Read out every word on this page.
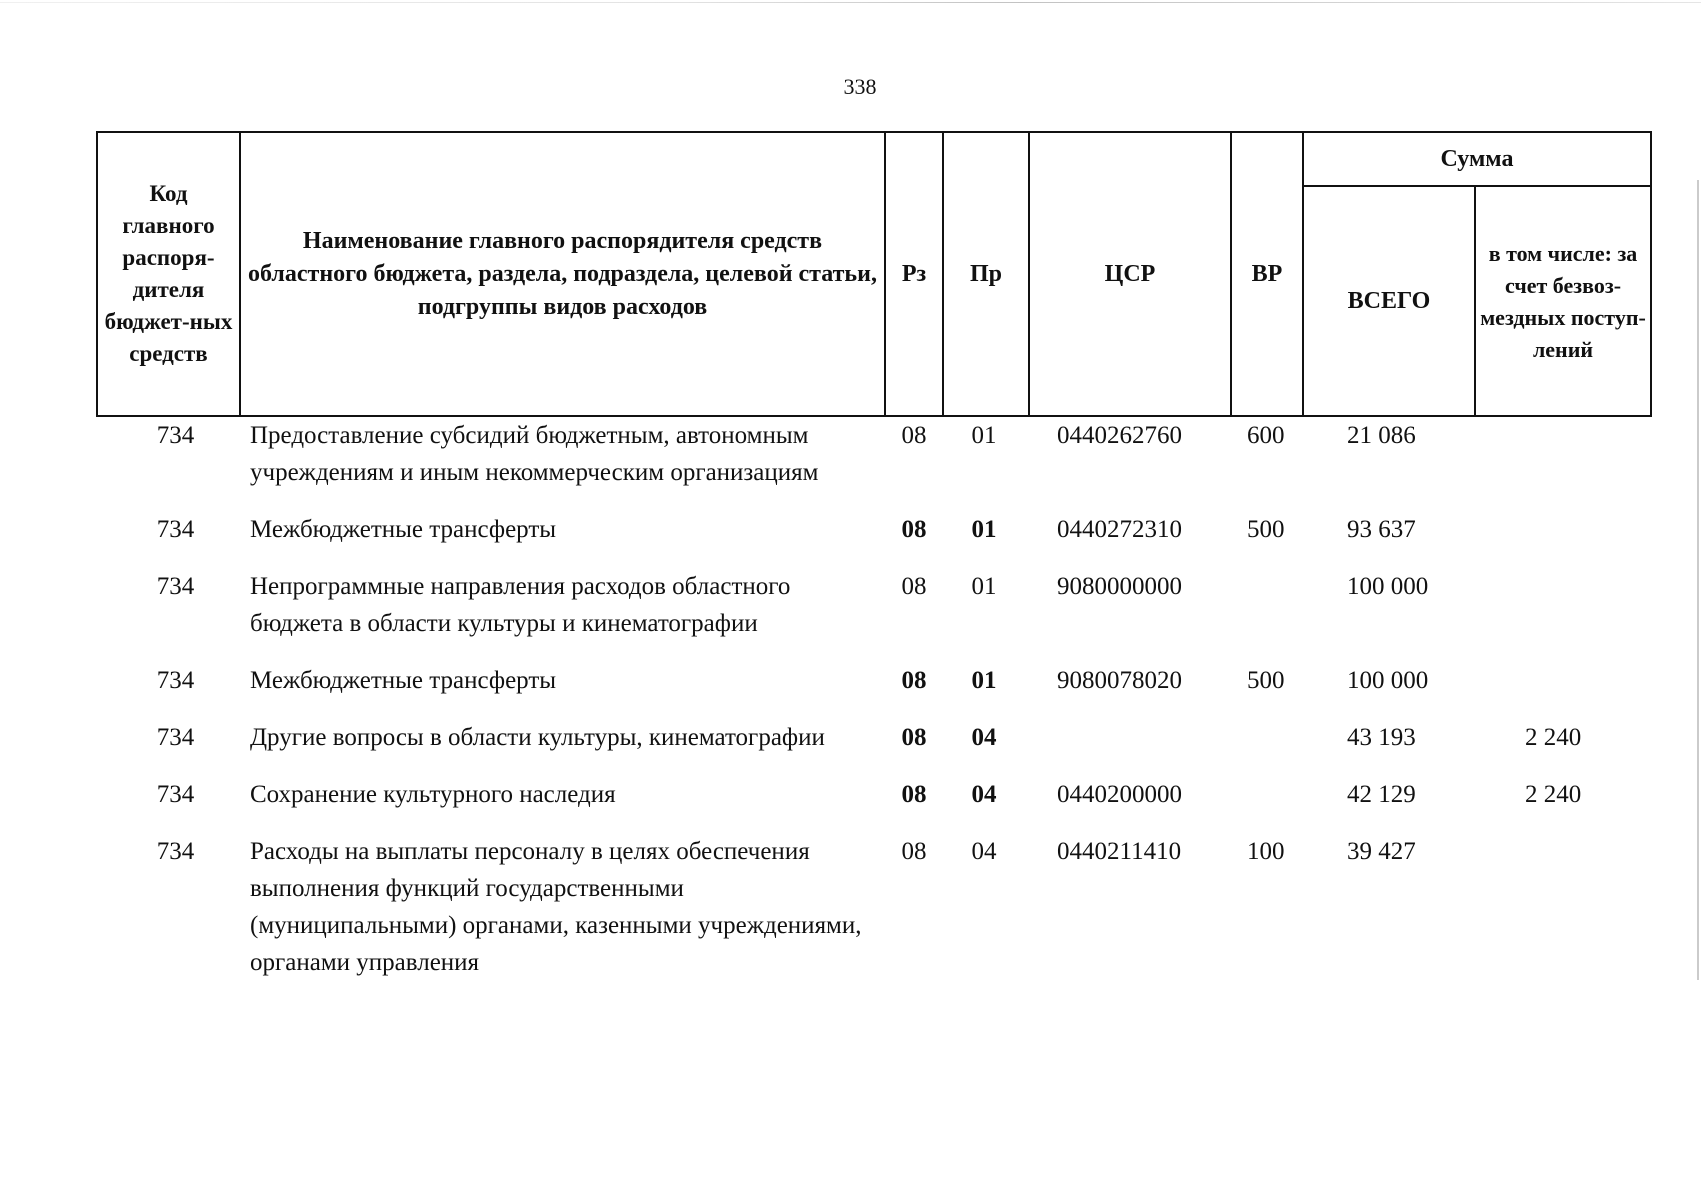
338
Код главного распоря-дителя бюджет-ных средств	Наименование главного распорядителя средств областного бюджета, раздела, подраздела, целевой статьи, подгруппы видов расходов	Рз	Пр	ЦСР	ВР	Сумма	
						ВСЕГО	в том числе: за счет безвоз-мездных поступ-лений
734	Предоставление субсидий бюджетным, автономным учреждениям и иным некоммерческим организациям	08	01	0440262760	600	21 086	
734	Межбюджетные трансферты	08	01	0440272310	500	93 637	
734	Непрограммные направления расходов областного бюджета в области культуры и кинематографии	08	01	9080000000		100 000	
734	Межбюджетные трансферты	08	01	9080078020	500	100 000	
734	Другие вопросы в области культуры, кинематографии	08	04			43 193	2 240
734	Сохранение культурного наследия	08	04	0440200000		42 129	2 240
734	Расходы на выплаты персоналу в целях обеспечения выполнения функций государственными (муниципальными) органами, казенными учреждениями, органами управления	08	04	0440211410	100	39 427	
